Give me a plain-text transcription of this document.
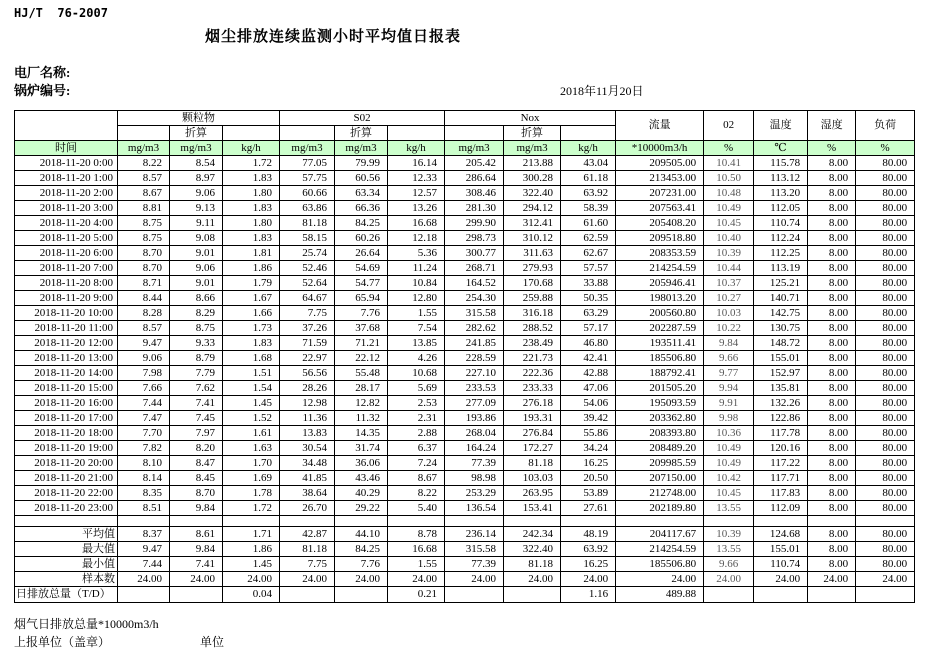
HJ/T  76-2007
烟尘排放连续监测小时平均值日报表
电厂名称:
锅炉编号:	2018年11月20日
	颗粒物			S02			Nox			流量	02	温度	湿度	负荷
		折算			折算			折算						
时间	mg/m3	mg/m3	kg/h	mg/m3	mg/m3	kg/h	mg/m3	mg/m3	kg/h	*10000m3/h	%	℃	%	%
2018-11-20 0:00	8.22	8.54	1.72	77.05	79.99	16.14	205.42	213.88	43.04	209505.00	10.41	115.78	8.00	80.00
2018-11-20 1:00	8.57	8.97	1.83	57.75	60.56	12.33	286.64	300.28	61.18	213453.00	10.50	113.12	8.00	80.00
2018-11-20 2:00	8.67	9.06	1.80	60.66	63.34	12.57	308.46	322.40	63.92	207231.00	10.48	113.20	8.00	80.00
2018-11-20 3:00	8.81	9.13	1.83	63.86	66.36	13.26	281.30	294.12	58.39	207563.41	10.49	112.05	8.00	80.00
2018-11-20 4:00	8.75	9.11	1.80	81.18	84.25	16.68	299.90	312.41	61.60	205408.20	10.45	110.74	8.00	80.00
2018-11-20 5:00	8.75	9.08	1.83	58.15	60.26	12.18	298.73	310.12	62.59	209518.80	10.40	112.24	8.00	80.00
2018-11-20 6:00	8.70	9.01	1.81	25.74	26.64	5.36	300.77	311.63	62.67	208353.59	10.39	112.25	8.00	80.00
2018-11-20 7:00	8.70	9.06	1.86	52.46	54.69	11.24	268.71	279.93	57.57	214254.59	10.44	113.19	8.00	80.00
2018-11-20 8:00	8.71	9.01	1.79	52.64	54.77	10.84	164.52	170.68	33.88	205946.41	10.37	125.21	8.00	80.00
2018-11-20 9:00	8.44	8.66	1.67	64.67	65.94	12.80	254.30	259.88	50.35	198013.20	10.27	140.71	8.00	80.00
2018-11-20 10:00	8.28	8.29	1.66	7.75	7.76	1.55	315.58	316.18	63.29	200560.80	10.03	142.75	8.00	80.00
2018-11-20 11:00	8.57	8.75	1.73	37.26	37.68	7.54	282.62	288.52	57.17	202287.59	10.22	130.75	8.00	80.00
2018-11-20 12:00	9.47	9.33	1.83	71.59	71.21	13.85	241.85	238.49	46.80	193511.41	9.84	148.72	8.00	80.00
2018-11-20 13:00	9.06	8.79	1.68	22.97	22.12	4.26	228.59	221.73	42.41	185506.80	9.66	155.01	8.00	80.00
2018-11-20 14:00	7.98	7.79	1.51	56.56	55.48	10.68	227.10	222.36	42.88	188792.41	9.77	152.97	8.00	80.00
2018-11-20 15:00	7.66	7.62	1.54	28.26	28.17	5.69	233.53	233.33	47.06	201505.20	9.94	135.81	8.00	80.00
2018-11-20 16:00	7.44	7.41	1.45	12.98	12.82	2.53	277.09	276.18	54.06	195093.59	9.91	132.26	8.00	80.00
2018-11-20 17:00	7.47	7.45	1.52	11.36	11.32	2.31	193.86	193.31	39.42	203362.80	9.98	122.86	8.00	80.00
2018-11-20 18:00	7.70	7.97	1.61	13.83	14.35	2.88	268.04	276.84	55.86	208393.80	10.36	117.78	8.00	80.00
2018-11-20 19:00	7.82	8.20	1.63	30.54	31.74	6.37	164.24	172.27	34.24	208489.20	10.49	120.16	8.00	80.00
2018-11-20 20:00	8.10	8.47	1.70	34.48	36.06	7.24	77.39	81.18	16.25	209985.59	10.49	117.22	8.00	80.00
2018-11-20 21:00	8.14	8.45	1.69	41.85	43.46	8.67	98.98	103.03	20.50	207150.00	10.42	117.71	8.00	80.00
2018-11-20 22:00	8.35	8.70	1.78	38.64	40.29	8.22	253.29	263.95	53.89	212748.00	10.45	117.83	8.00	80.00
2018-11-20 23:00	8.51	9.84	1.72	26.70	29.22	5.40	136.54	153.41	27.61	202189.80	13.55	112.09	8.00	80.00

平均值	8.37	8.61	1.71	42.87	44.10	8.78	236.14	242.34	48.19	204117.67	10.39	124.68	8.00	80.00
最大值	9.47	9.84	1.86	81.18	84.25	16.68	315.58	322.40	63.92	214254.59	13.55	155.01	8.00	80.00
最小值	7.44	7.41	1.45	7.75	7.76	1.55	77.39	81.18	16.25	185506.80	9.66	110.74	8.00	80.00
样本数	24.00	24.00	24.00	24.00	24.00	24.00	24.00	24.00	24.00	24.00	24.00	24.00	24.00	24.00
日排放总量（T/D）			0.04			0.21			1.16	489.88				
烟气日排放总量*10000m3/h
上报单位（盖章）	单位
